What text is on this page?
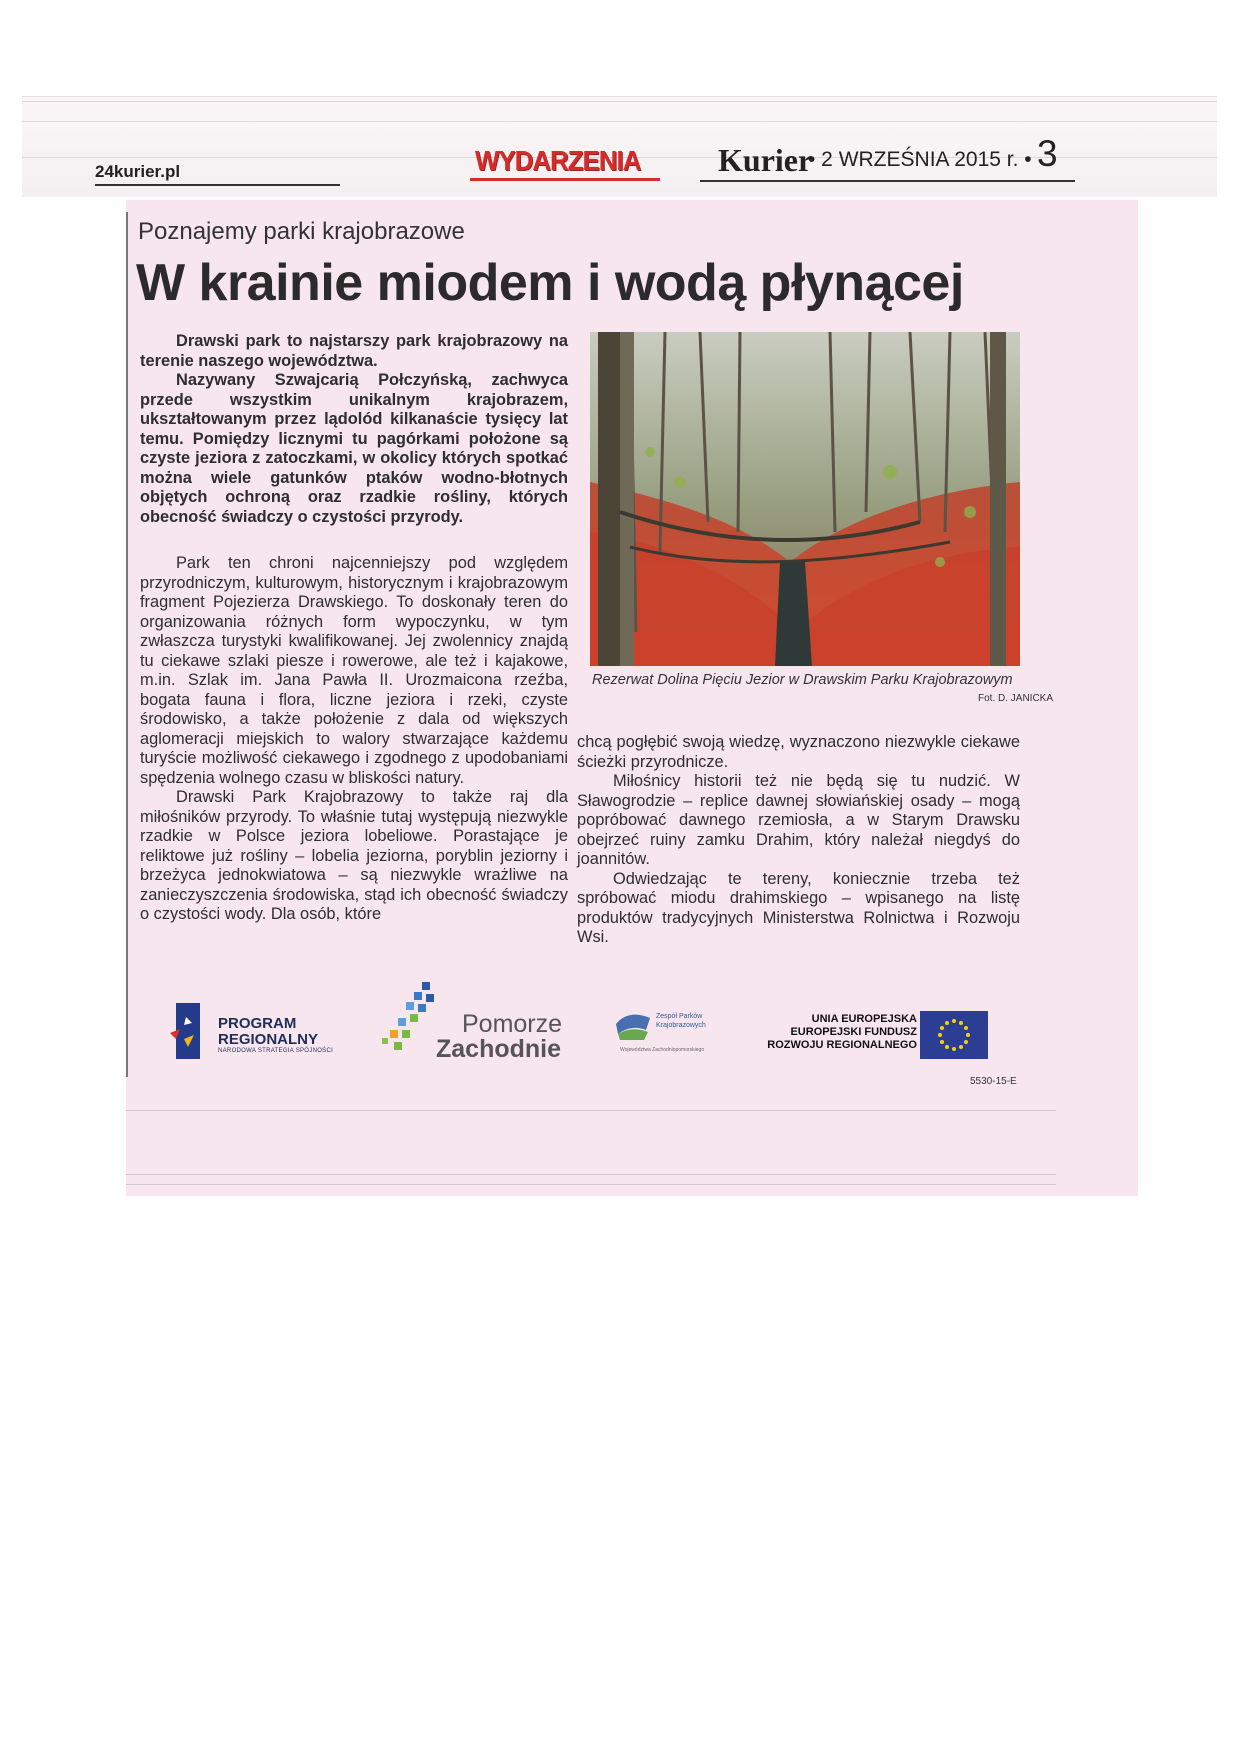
24kurier.pl	WYDARZENIA Kurier
• 2 WRZEŚNIA 2015 r. • 3
Poznajemy parki krajobrazowe
W krainie miodem i wodą płynącej

Drawski park to najstarszy park krajobrazowy na terenie naszego województwa.

Nazywany Szwajcarią Połczyńską, zachwyca przede wszystkim unikalnym krajobrazem, ukształtowanym przez lądolód kilkanaście tysięcy lat temu. Pomiędzy licznymi tu pagórkami położone są czyste jeziora z zatoczkami, w okolicy których spotkać można wiele gatunków ptaków wodno-błotnych objętych ochroną oraz rzadkie rośliny, których obecność świadczy o czystości przyrody.

Park ten chroni najcenniejszy pod względem przyrodniczym, kulturowym, historycznym i krajobrazowym fragment Pojezierza Drawskiego. To doskonały teren do organizowania różnych form wypoczynku, w tym zwłaszcza turystyki kwalifikowanej. Jej zwolennicy znajdą tu ciekawe szlaki piesze i rowerowe, ale też i kajakowe, m.in. Szlak im. Jana Pawła II. Urozmaicona rzeźba, bogata fauna i flora, liczne jeziora i rzeki, czyste środowisko, a także położenie z dala od większych aglomeracji miejskich to walory stwarzające każdemu turyście możliwość ciekawego i zgodnego z upodobaniami spędzenia wolnego czasu w bliskości natury.

Drawski Park Krajobrazowy to także raj dla miłośników przyrody. To właśnie tutaj występują niezwykle rzadkie w Polsce jeziora lobeliowe. Porastające je reliktowe już rośliny – lobelia jeziorna, poryblin jeziorny i brzeżyca jednokwiatowa – są niezwykle wrażliwe na zanieczyszczenia środowiska, stąd ich obecność świadczy o czystości wody. Dla osób, które

Rezerwat Dolina Pięciu Jezior w Drawskim Parku Krajobrazowym
Fot. D. JANICKA

chcą pogłębić swoją wiedzę, wyznaczono niezwykle ciekawe ścieżki przyrodnicze.

Miłośnicy historii też nie będą się tu nudzić. W Sławogrodzie – replice dawnej słowiańskiej osady – mogą popróbować dawnego rzemiosła, a w Starym Drawsku obejrzeć ruiny zamku Drahim, który należał niegdyś do joannitów.

Odwiedzając te tereny, koniecznie trzeba też spróbować miodu drahimskiego – wpisanego na listę produktów tradycyjnych Ministerstwa Rolnictwa i Rozwoju Wsi.

PROGRAM
REGIONALNY
NARODOWA STRATEGIA SPÓJNOŚCI
Pomorze
Zachodnie
Zespół Parków Krajobrazowych
Województwa Zachodniopomorskiego
UNIA EUROPEJSKA
EUROPEJSKI FUNDUSZ
ROZWOJU REGIONALNEGO
5530-15-E
